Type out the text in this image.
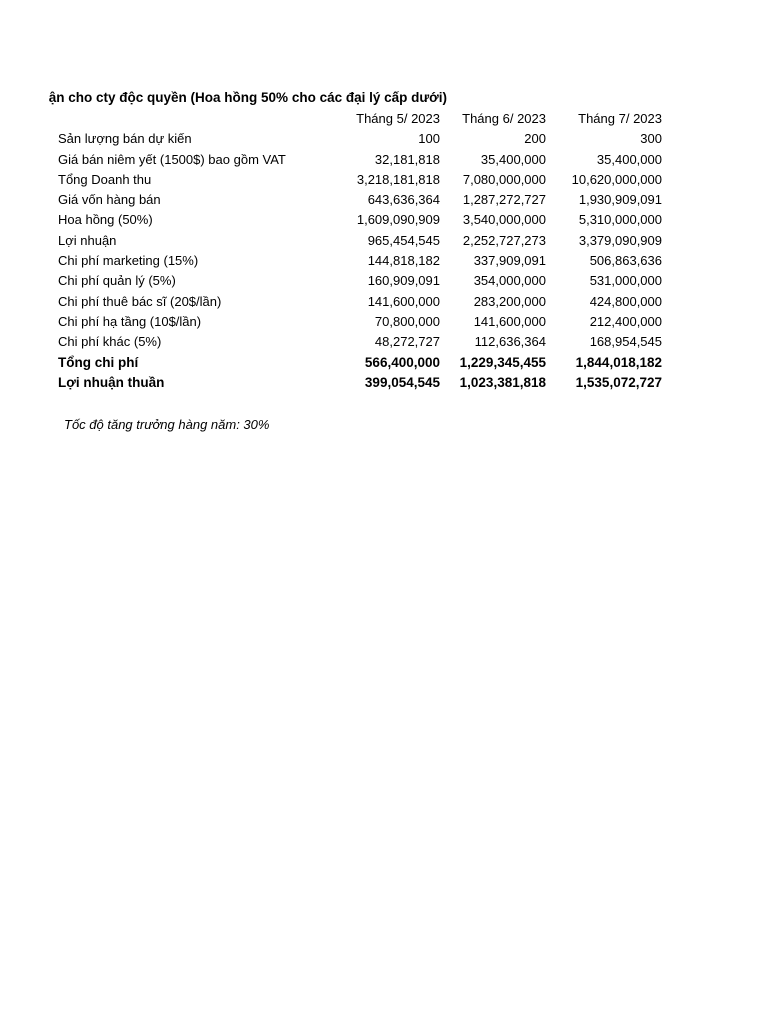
ận cho cty độc quyền (Hoa hồng 50% cho các đại lý cấp dưới)
	Tháng 5/ 2023	Tháng 6/ 2023	Tháng 7/ 2023
Sản lượng bán dự kiến	100	200	300
Giá bán niêm yết (1500$) bao gồm VAT	32,181,818	35,400,000	35,400,000
Tổng Doanh thu	3,218,181,818	7,080,000,000	10,620,000,000
Giá vốn hàng bán	643,636,364	1,287,272,727	1,930,909,091
Hoa hồng (50%)	1,609,090,909	3,540,000,000	5,310,000,000
Lợi nhuận	965,454,545	2,252,727,273	3,379,090,909
Chi phí marketing (15%)	144,818,182	337,909,091	506,863,636
Chi phí quản lý (5%)	160,909,091	354,000,000	531,000,000
Chi phí thuê bác sĩ (20$/lần)	141,600,000	283,200,000	424,800,000
Chi phí hạ tầng (10$/lần)	70,800,000	141,600,000	212,400,000
Chi phí khác (5%)	48,272,727	112,636,364	168,954,545
Tổng chi phí	566,400,000	1,229,345,455	1,844,018,182
Lợi nhuận thuần	399,054,545	1,023,381,818	1,535,072,727
Tốc độ tăng trưởng hàng năm: 30%
